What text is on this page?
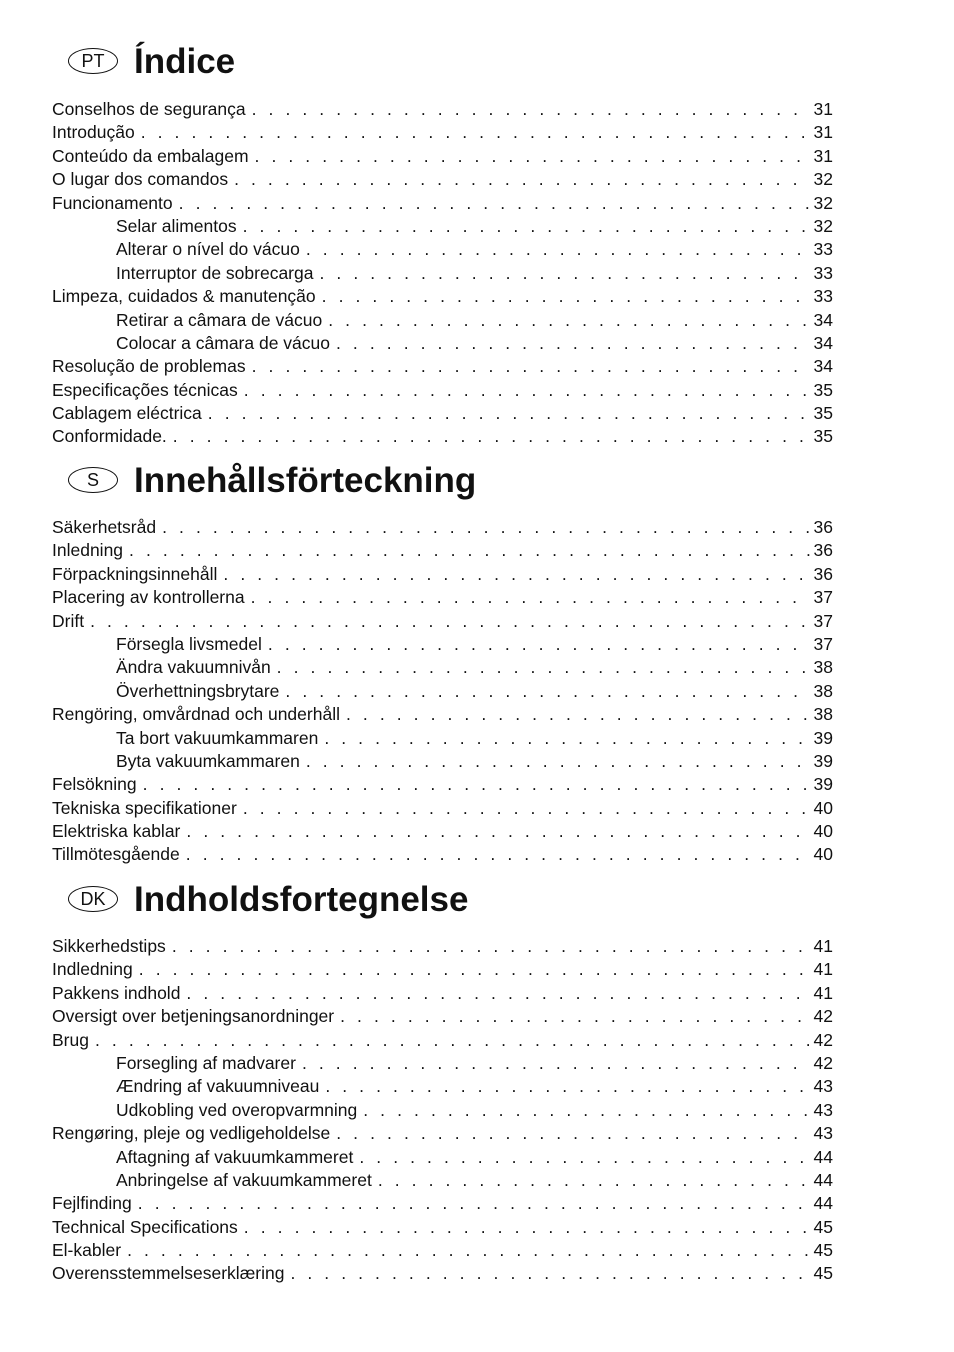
PT Índice
Conselhos de segurança . . .	31
Introdução . . .	31
Conteúdo da embalagem . . .	31
O lugar dos comandos . . .	32
Funcionamento . . .	32
Selar alimentos . . .	32
Alterar o nível do vácuo . . .	33
Interruptor de sobrecarga . . .	33
Limpeza, cuidados & manutenção . . .	33
Retirar a câmara de vácuo . . .	34
Colocar a câmara de vácuo . . .	34
Resolução de problemas . . .	34
Especificações técnicas . . .	35
Cablagem eléctrica . . .	35
Conformidade. . . .	35
S	Innehållsförteckning
Säkerhetsråd . . .	36
Inledning . . .	36
Förpackningsinnehåll . . .	36
Placering av kontrollerna . . .	37
Drift . . .	37
Försegla livsmedel . . .	37
Ändra vakuumnivån . . .	38
Överhettningsbrytare . . .	38
Rengöring, omvårdnad och underhåll . . .	38
Ta bort vakuumkammaren . . .	39
Byta vakuumkammaren . . .	39
Felsökning . . .	39
Tekniska specifikationer . . .	40
Elektriska kablar . . .	40
Tillmötesgående . . .	40
DK Indholdsfortegnelse
Sikkerhedstips . . .	41
Indledning . . .	41
Pakkens indhold . . .	41
Oversigt over betjeningsanordninger . . .	42
Brug . . .	42
Forsegling af madvarer . . .	42
Ændring af vakuumniveau . . .	43
Udkobling ved overopvarmning . . .	43
Rengøring, pleje og vedligeholdelse . . .	43
Aftagning af vakuumkammeret . . .	44
Anbringelse af vakuumkammeret . . .	44
Fejlfinding . . .	44
Technical Specifications . . .	45
El-kabler . . .	45
Overensstemmelseserklæring . . .	45
